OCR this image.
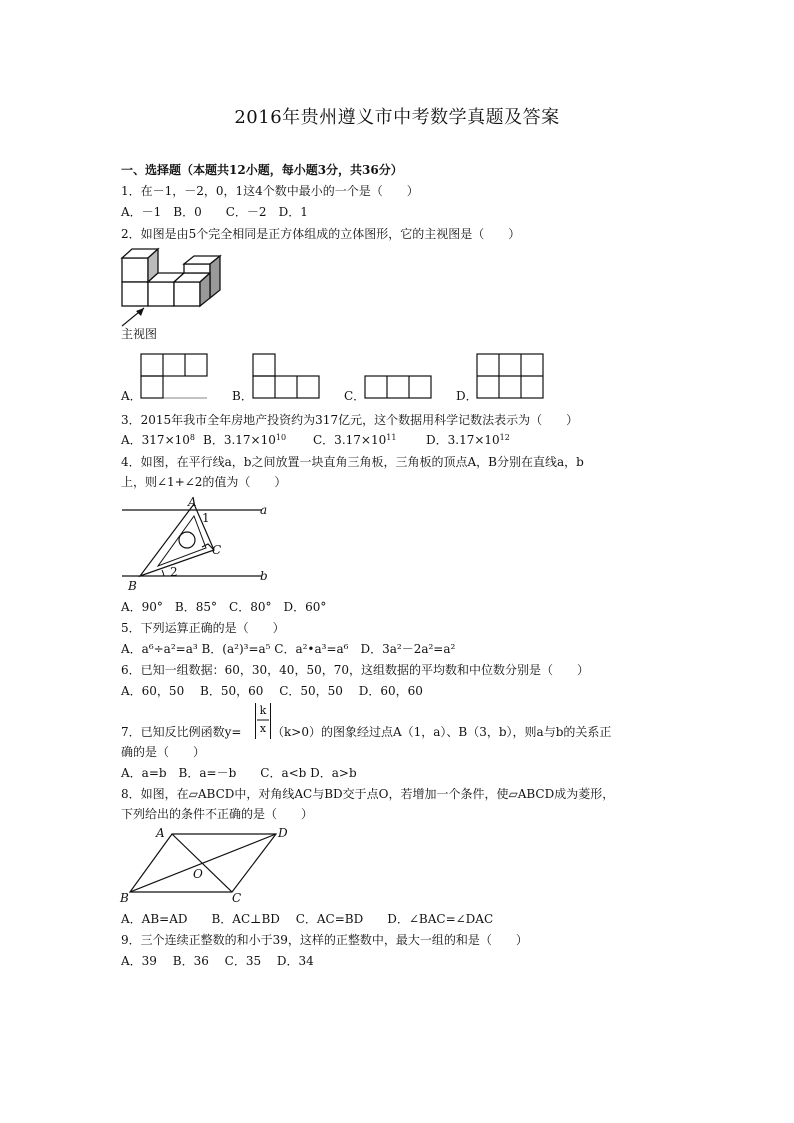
2016年贵州遵义市中考数学真题及答案
一、选择题（本题共12小题，每小题3分，共36分）
1．在－1，－2，0，1这4个数中最小的一个是（　　）
A．－1　B．0　　C．－2　D．1
2．如图是由5个完全相同是正方体组成的立体图形，它的主视图是（　　）
主视图
A．	B．	C．	D．
3．2015年我市全年房地产投资约为317亿元，这个数据用科学记数法表示为（　　）
A．$317\times 10^8$ B．$3.17\times 10^{10}$ C．$3.17\times 10^{11}$ D．$3.17\times 10^{12}$
4．如图，在平行线a，b之间放置一块直角三角板，三角板的顶点A，B分别在直线a，b
上，则∠1+∠2的值为（　　）
A
1
a
C
2	b
B
A．90°　B．85°　C．80°　D．60°
5．下列运算正确的是（　　）
A．a⁶÷a²=a³ B．(a²)³=a⁵ C．a²•a³=a⁶　D．3a²－2a²=a²
6．已知一组数据：60，30，40，50，70，这组数据的平均数和中位数分别是（　　）
A．60，50　 B．50，60　 C．50，50　 D．60，60
7．已知反比例函数y=
k
x （k>0）的图象经过点A（1，a）、B（3，b），则a与b的关系正
确的是（　　）
A．a=b　B．a=－b　　C．a<b D．a>b
8．如图，在▱ABCD中，对角线AC与BD交于点O，若增加一个条件，使▱ABCD成为菱形，
下列给出的条件不正确的是（　　）
A	D
O
B	C
A．AB=AD　　B．AC⊥BD　 C．AC=BD　　D．∠BAC=∠DAC
9．三个连续正整数的和小于39，这样的正整数中，最大一组的和是（　　）
A．39　 B．36　 C．35　 D．34
